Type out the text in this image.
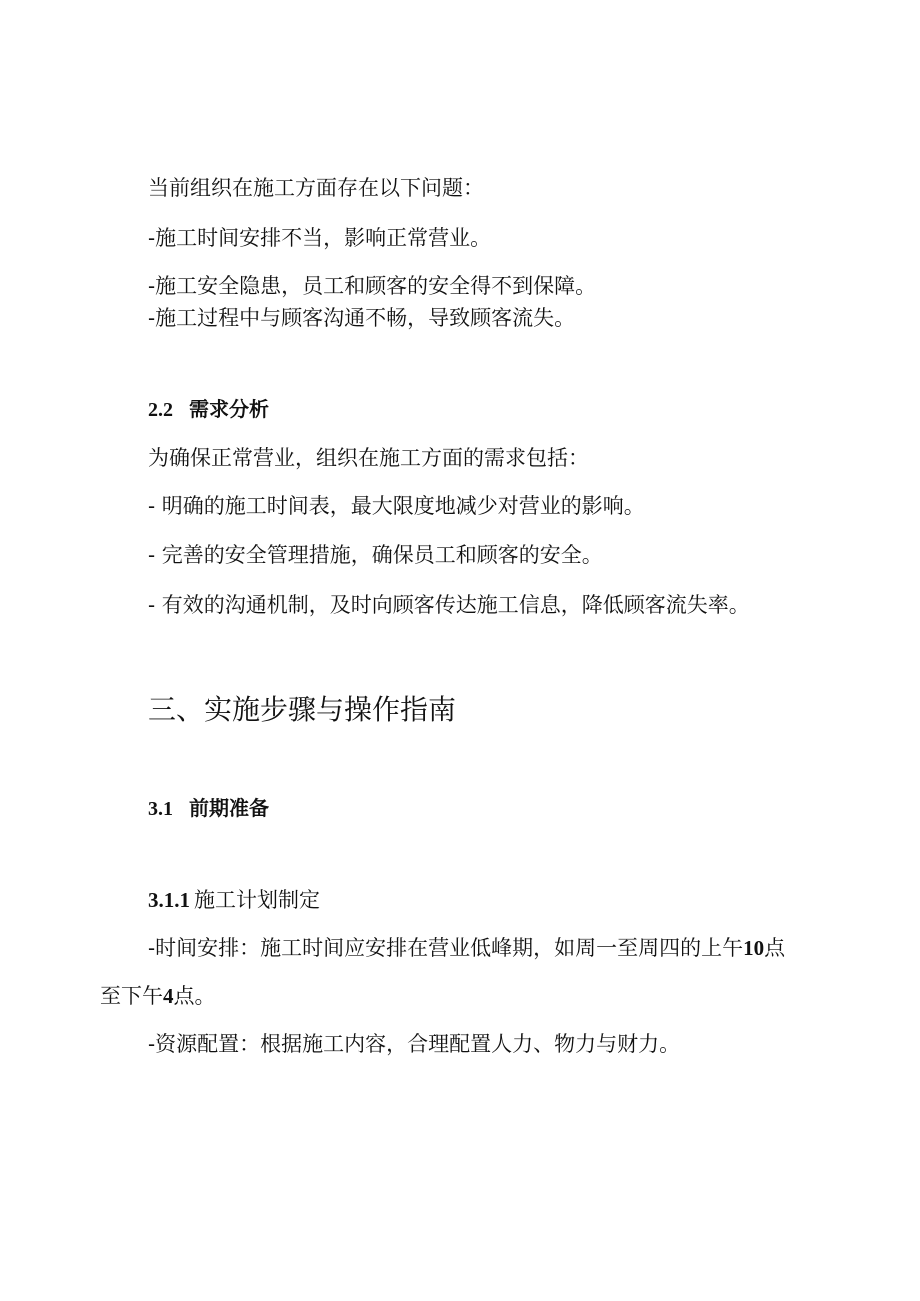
当前组织在施工方面存在以下问题：
-施工时间安排不当，影响正常营业。
-施工安全隐患，员工和顾客的安全得不到保障。
-施工过程中与顾客沟通不畅，导致顾客流失。
2.2 需求分析
为确保正常营业，组织在施工方面的需求包括：
- 明确的施工时间表，最大限度地减少对营业的影响。
- 完善的安全管理措施，确保员工和顾客的安全。
- 有效的沟通机制，及时向顾客传达施工信息，降低顾客流失率。
三、实施步骤与操作指南
3.1 前期准备
3.1.1 施工计划制定
-时间安排：施工时间应安排在营业低峰期，如周一至周四的上午10点
至下午4点。
-资源配置：根据施工内容，合理配置人力、物力与财力。
